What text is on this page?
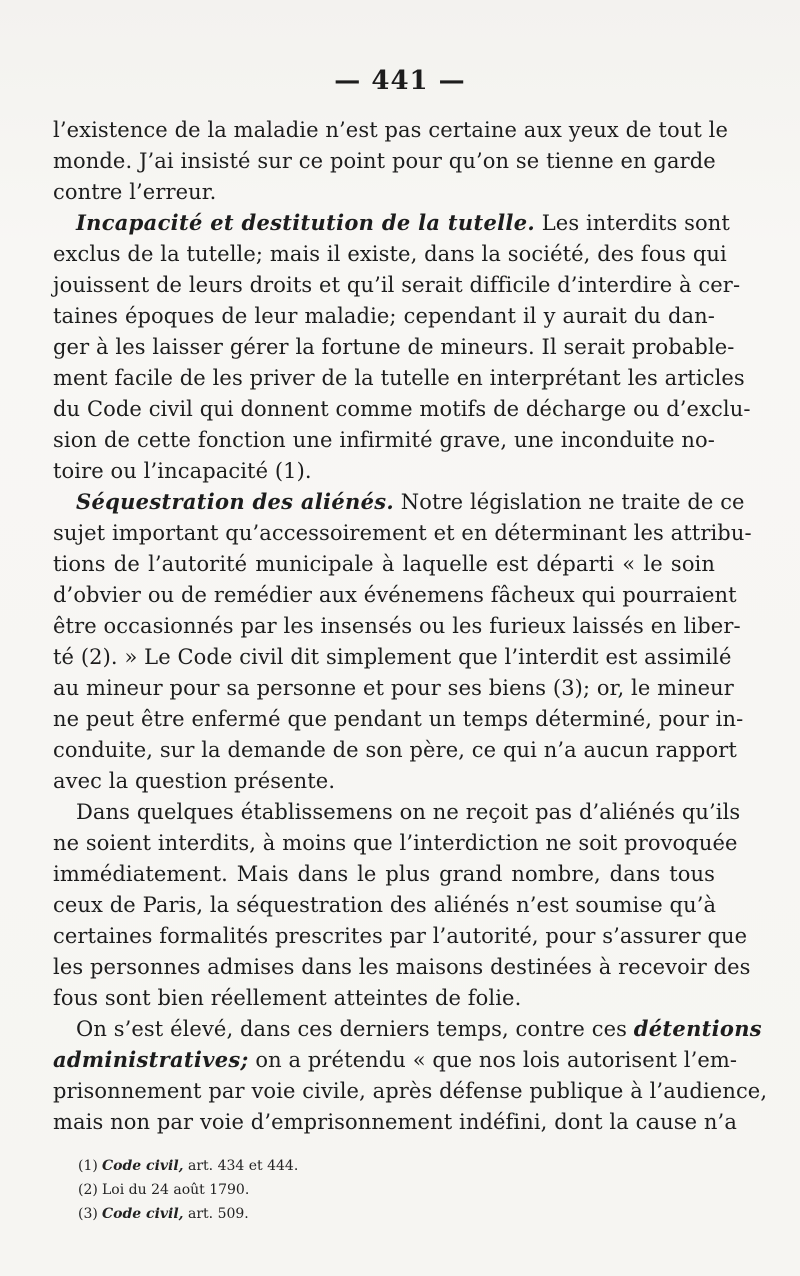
— 441 —
l’existence de la maladie n’est pas certaine aux yeux de tout le
monde. J’ai insisté sur ce point pour qu’on se tienne en garde
contre l’erreur.
Incapacité et destitution de la tutelle. Les interdits sont
exclus de la tutelle; mais il existe, dans la société, des fous qui
jouissent de leurs droits et qu’il serait difficile d’interdire à cer-
taines époques de leur maladie; cependant il y aurait du dan-
ger à les laisser gérer la fortune de mineurs. Il serait probable-
ment facile de les priver de la tutelle en interprétant les articles
du Code civil qui donnent comme motifs de décharge ou d’exclu-
sion de cette fonction une infirmité grave, une inconduite no-
toire ou l’incapacité (1).
Séquestration des aliénés. Notre législation ne traite de ce
sujet important qu’accessoirement et en déterminant les attribu-
tions de l’autorité municipale à laquelle est départi « le soin
d’obvier ou de remédier aux événemens fâcheux qui pourraient
être occasionnés par les insensés ou les furieux laissés en liber-
té (2). » Le Code civil dit simplement que l’interdit est assimilé
au mineur pour sa personne et pour ses biens (3); or, le mineur
ne peut être enfermé que pendant un temps déterminé, pour in-
conduite, sur la demande de son père, ce qui n’a aucun rapport
avec la question présente.
Dans quelques établissemens on ne reçoit pas d’aliénés qu’ils
ne soient interdits, à moins que l’interdiction ne soit provoquée
immédiatement. Mais dans le plus grand nombre, dans tous
ceux de Paris, la séquestration des aliénés n’est soumise qu’à
certaines formalités prescrites par l’autorité, pour s’assurer que
les personnes admises dans les maisons destinées à recevoir des
fous sont bien réellement atteintes de folie.
On s’est élevé, dans ces derniers temps, contre ces détentions
administratives; on a prétendu « que nos lois autorisent l’em-
prisonnement par voie civile, après défense publique à l’audience,
mais non par voie d’emprisonnement indéfini, dont la cause n’a
(1) Code civil, art. 434 et 444.
(2) Loi du 24 août 1790.
(3) Code civil, art. 509.
